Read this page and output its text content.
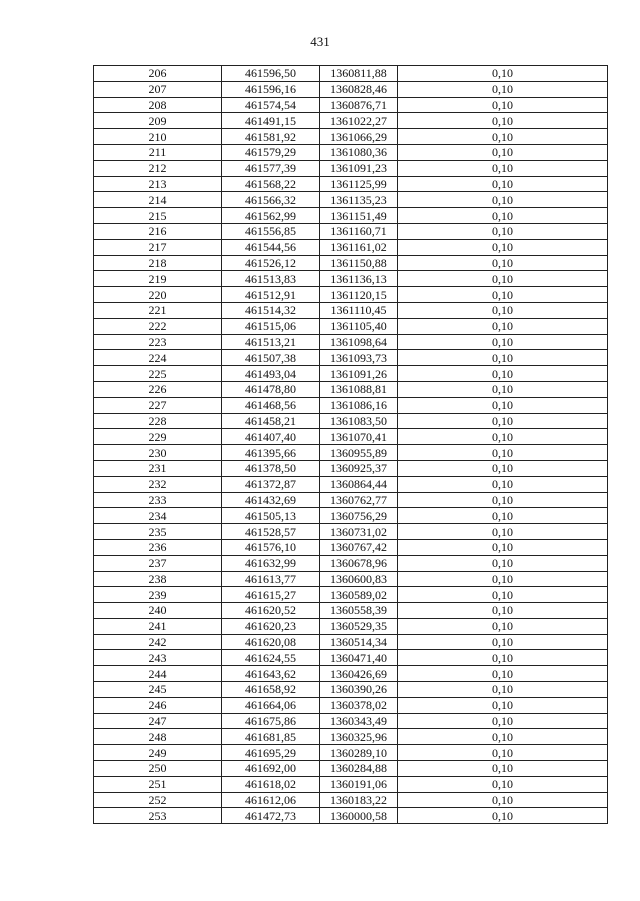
431
206	461596,50	1360811,88	0,10
207	461596,16	1360828,46	0,10
208	461574,54	1360876,71	0,10
209	461491,15	1361022,27	0,10
210	461581,92	1361066,29	0,10
211	461579,29	1361080,36	0,10
212	461577,39	1361091,23	0,10
213	461568,22	1361125,99	0,10
214	461566,32	1361135,23	0,10
215	461562,99	1361151,49	0,10
216	461556,85	1361160,71	0,10
217	461544,56	1361161,02	0,10
218	461526,12	1361150,88	0,10
219	461513,83	1361136,13	0,10
220	461512,91	1361120,15	0,10
221	461514,32	1361110,45	0,10
222	461515,06	1361105,40	0,10
223	461513,21	1361098,64	0,10
224	461507,38	1361093,73	0,10
225	461493,04	1361091,26	0,10
226	461478,80	1361088,81	0,10
227	461468,56	1361086,16	0,10
228	461458,21	1361083,50	0,10
229	461407,40	1361070,41	0,10
230	461395,66	1360955,89	0,10
231	461378,50	1360925,37	0,10
232	461372,87	1360864,44	0,10
233	461432,69	1360762,77	0,10
234	461505,13	1360756,29	0,10
235	461528,57	1360731,02	0,10
236	461576,10	1360767,42	0,10
237	461632,99	1360678,96	0,10
238	461613,77	1360600,83	0,10
239	461615,27	1360589,02	0,10
240	461620,52	1360558,39	0,10
241	461620,23	1360529,35	0,10
242	461620,08	1360514,34	0,10
243	461624,55	1360471,40	0,10
244	461643,62	1360426,69	0,10
245	461658,92	1360390,26	0,10
246	461664,06	1360378,02	0,10
247	461675,86	1360343,49	0,10
248	461681,85	1360325,96	0,10
249	461695,29	1360289,10	0,10
250	461692,00	1360284,88	0,10
251	461618,02	1360191,06	0,10
252	461612,06	1360183,22	0,10
253	461472,73	1360000,58	0,10
